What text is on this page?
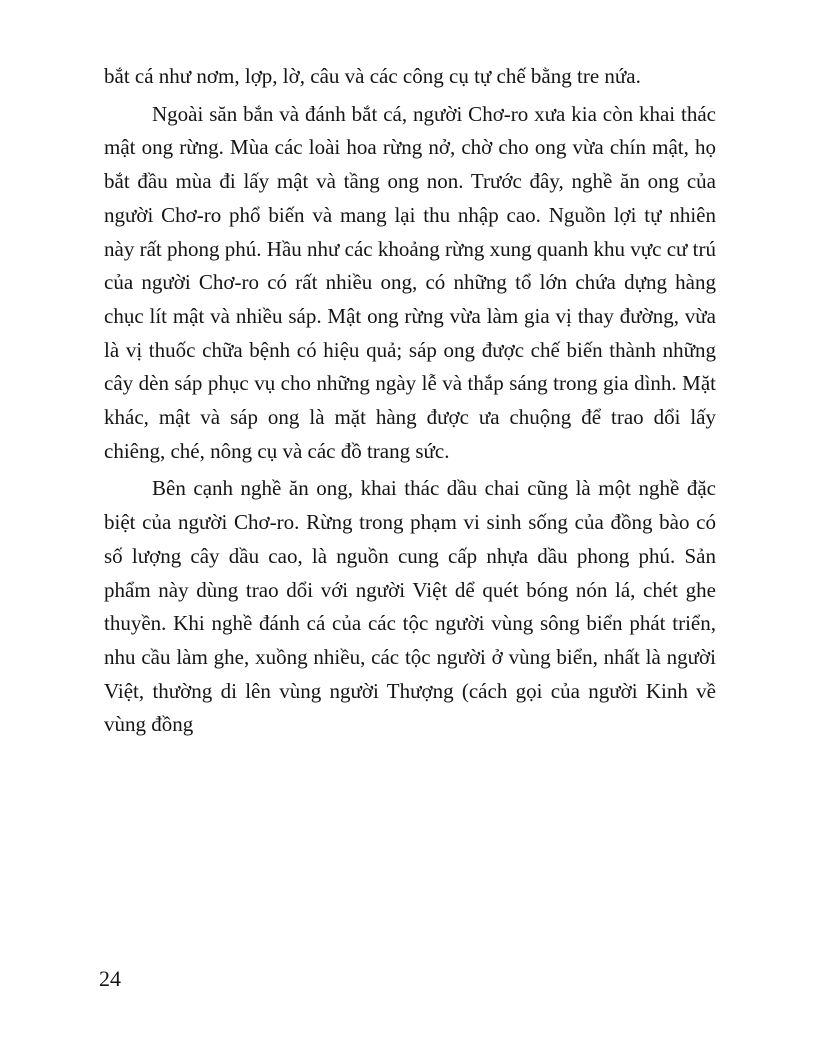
bắt cá như nơm, lợp, lờ, câu và các công cụ tự chế bằng tre nứa.

Ngoài săn bắn và đánh bắt cá, người Chơ-ro xưa kia còn khai thác mật ong rừng. Mùa các loài hoa rừng nở, chờ cho ong vừa chín mật, họ bắt đầu mùa đi lấy mật và tầng ong non. Trước đây, nghề ăn ong của người Chơ-ro phổ biến và mang lại thu nhập cao. Nguồn lợi tự nhiên này rất phong phú. Hầu như các khoảng rừng xung quanh khu vực cư trú của người Chơ-ro có rất nhiều ong, có những tổ lớn chứa dựng hàng chục lít mật và nhiều sáp. Mật ong rừng vừa làm gia vị thay đường, vừa là vị thuốc chữa bệnh có hiệu quả; sáp ong được chế biến thành những cây dèn sáp phục vụ cho những ngày lễ và thắp sáng trong gia dình. Mặt khác, mật và sáp ong là mặt hàng được ưa chuộng để trao dổi lấy chiêng, ché, nông cụ và các đồ trang sức.

Bên cạnh nghề ăn ong, khai thác dầu chai cũng là một nghề đặc biệt của người Chơ-ro. Rừng trong phạm vi sinh sống của đồng bào có số lượng cây dầu cao, là nguồn cung cấp nhựa dầu phong phú. Sản phẩm này dùng trao dổi với người Việt dể quét bóng nón lá, chét ghe thuyền. Khi nghề đánh cá của các tộc người vùng sông biển phát triển, nhu cầu làm ghe, xuồng nhiều, các tộc người ở vùng biển, nhất là người Việt, thường di lên vùng người Thượng (cách gọi của người Kinh về vùng đồng

24
